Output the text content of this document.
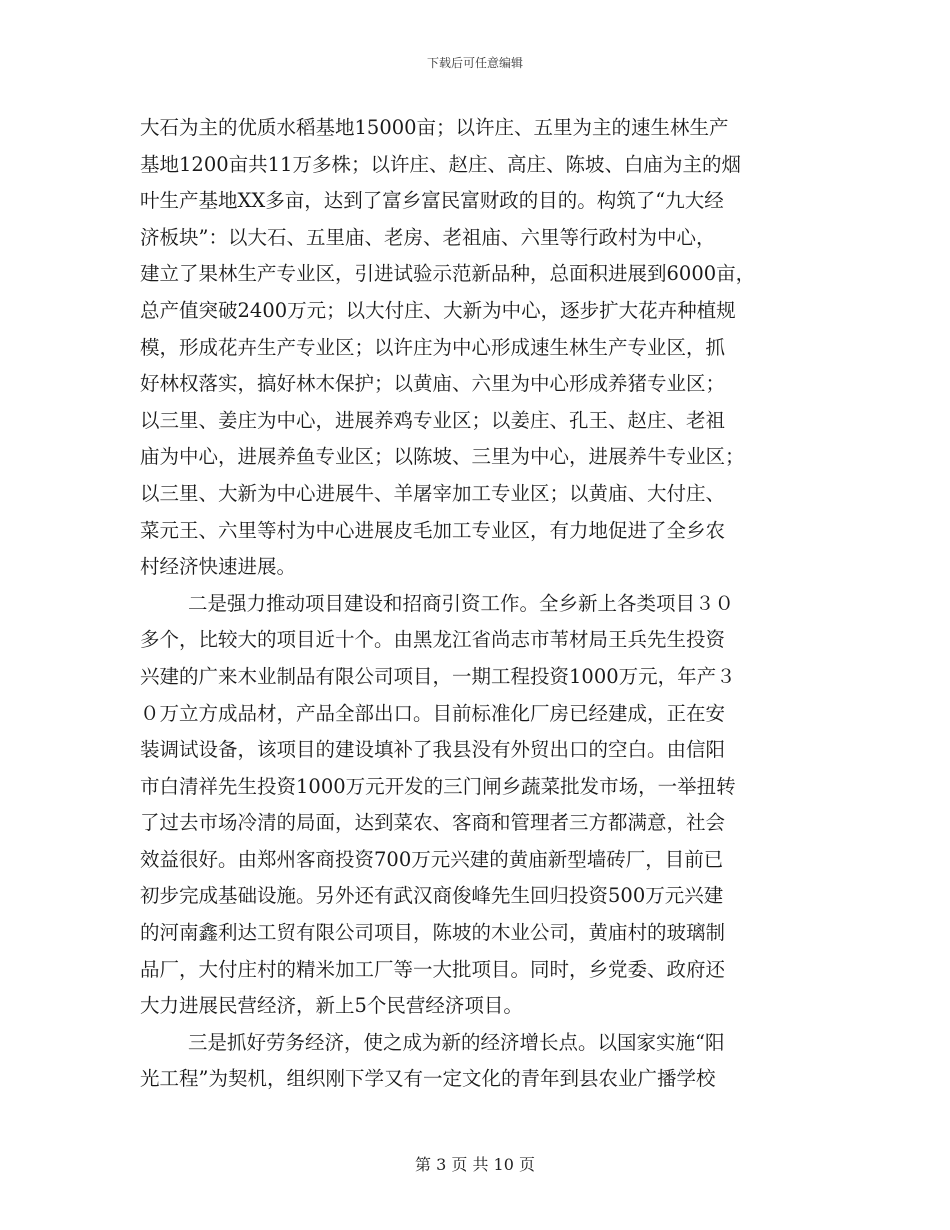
下载后可任意编辑
大石为主的优质水稻基地15000亩；以许庄、五里为主的速生林生产
基地1200亩共11万多株；以许庄、赵庄、高庄、陈坡、白庙为主的烟
叶生产基地XX多亩，达到了富乡富民富财政的目的。构筑了“九大经
济板块”：以大石、五里庙、老房、老祖庙、六里等行政村为中心，
建立了果林生产专业区，引进试验示范新品种，总面积进展到6000亩，
总产值突破2400万元；以大付庄、大新为中心，逐步扩大花卉种植规
模，形成花卉生产专业区；以许庄为中心形成速生林生产专业区，抓
好林权落实，搞好林木保护；以黄庙、六里为中心形成养猪专业区；
以三里、姜庄为中心，进展养鸡专业区；以姜庄、孔王、赵庄、老祖
庙为中心，进展养鱼专业区；以陈坡、三里为中心，进展养牛专业区；
以三里、大新为中心进展牛、羊屠宰加工专业区；以黄庙、大付庄、
菜元王、六里等村为中心进展皮毛加工专业区，有力地促进了全乡农
村经济快速进展。
二是强力推动项目建设和招商引资工作。全乡新上各类项目３０
多个，比较大的项目近十个。由黑龙江省尚志市苇材局王兵先生投资
兴建的广来木业制品有限公司项目，一期工程投资1000万元，年产３
０万立方成品材，产品全部出口。目前标准化厂房已经建成，正在安
装调试设备，该项目的建设填补了我县没有外贸出口的空白。由信阳
市白清祥先生投资1000万元开发的三门闸乡蔬菜批发市场，一举扭转
了过去市场冷清的局面，达到菜农、客商和管理者三方都满意，社会
效益很好。由郑州客商投资700万元兴建的黄庙新型墙砖厂，目前已
初步完成基础设施。另外还有武汉商俊峰先生回归投资500万元兴建
的河南鑫利达工贸有限公司项目，陈坡的木业公司，黄庙村的玻璃制
品厂，大付庄村的精米加工厂等一大批项目。同时，乡党委、政府还
大力进展民营经济，新上5个民营经济项目。
三是抓好劳务经济，使之成为新的经济增长点。以国家实施“阳
光工程”为契机，组织刚下学又有一定文化的青年到县农业广播学校
第 3 页 共 10 页
